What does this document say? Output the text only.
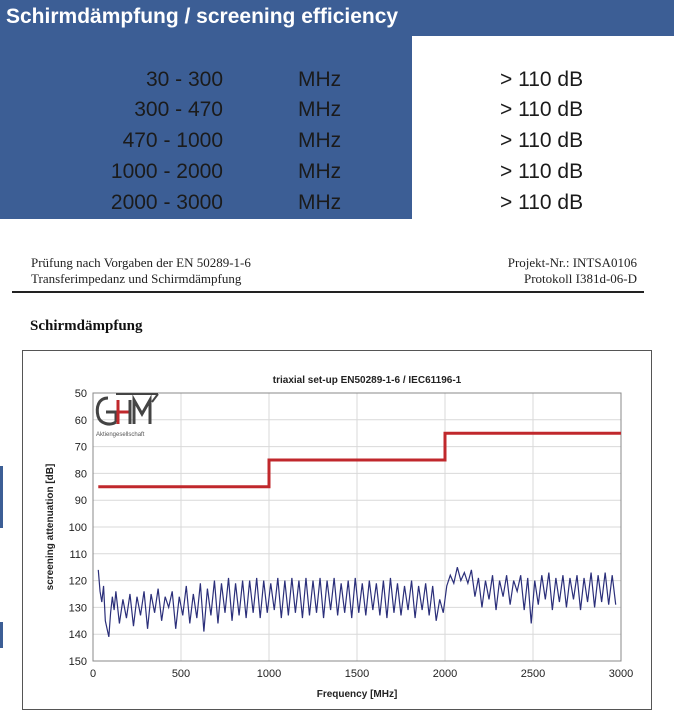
Schirmdämpfung / screening efficiency
30 - 300	MHz	> 110 dB
300 - 470	MHz	> 110 dB
470 - 1000	MHz	> 110 dB
1000 - 2000	MHz	> 110 dB
2000 - 3000	MHz	> 110 dB
Prüfung nach Vorgaben der EN 50289-1-6
Transferimpedanz und Schirmdämpfung
Projekt-Nr.: INTSA0106
Protokoll I381d-06-D
Schirmdämpfung
50
60
70
80
90
100
110
120
130
140
150
0	500	1000	1500	2000	2500	3000
triaxial set-up EN50289-1-6 / IEC61196-1
Frequency [MHz]
screening attenuation [dB]
Aktiengesellschaft
